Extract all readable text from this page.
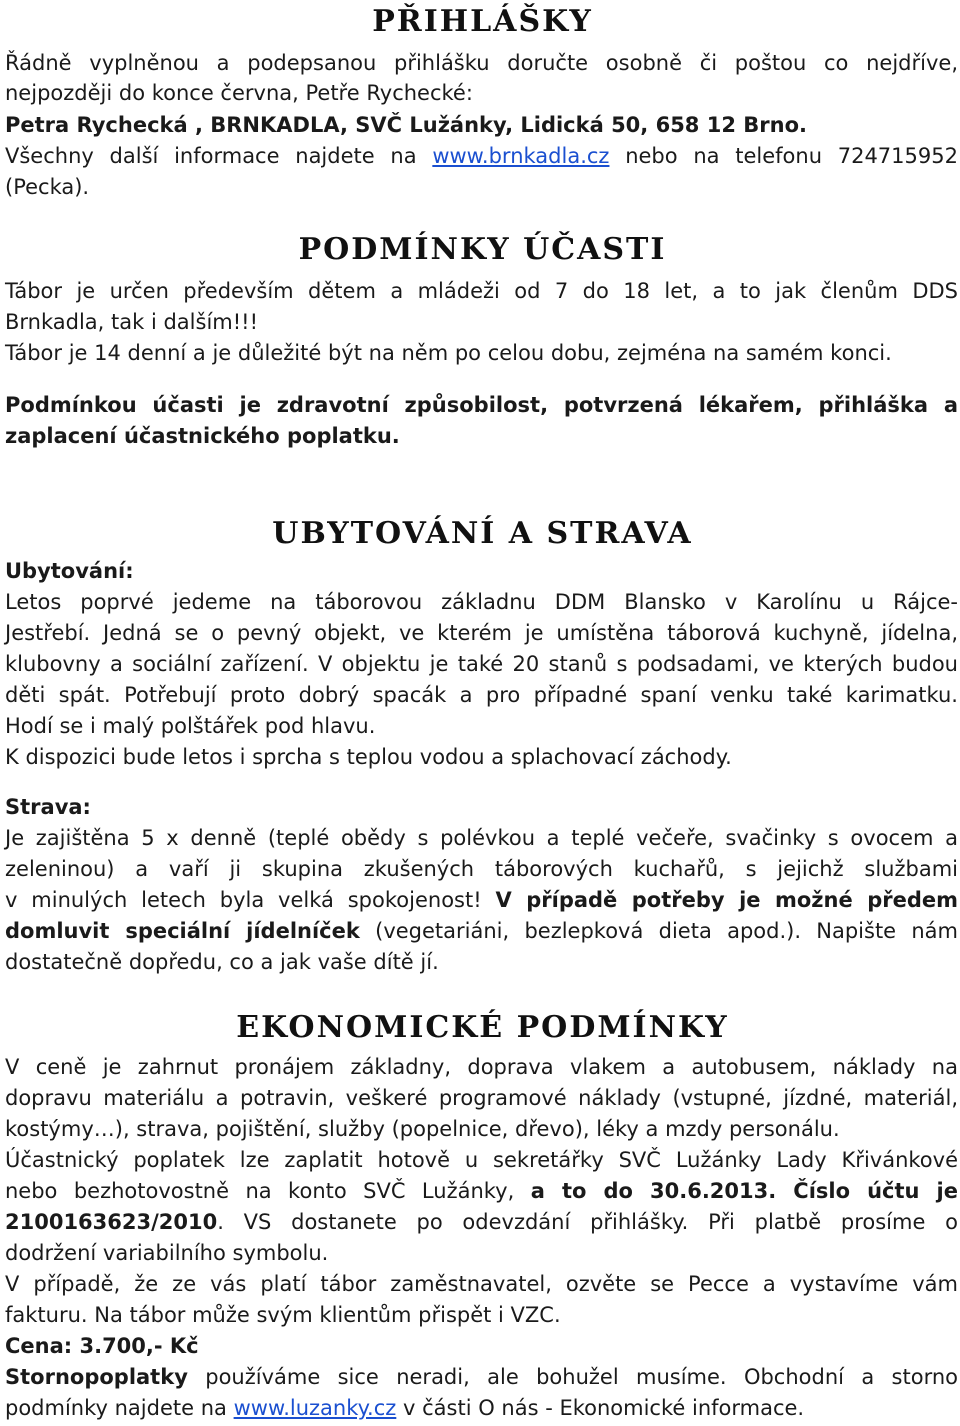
PŘIHLÁŠKY
Řádně vyplněnou a podepsanou přihlášku doručte osobně či poštou co nejdříve,
nejpozději do konce června, Petře Rychecké:
Petra Rychecká , BRNKADLA, SVČ Lužánky, Lidická 50, 658 12 Brno.
Všechny další informace najdete na www.brnkadla.cz nebo na telefonu 724715952
(Pecka).
PODMÍNKY ÚČASTI
Tábor je určen především dětem a mládeži od 7 do 18 let, a to jak členům DDS
Brnkadla, tak i dalším!!!
Tábor je 14 denní a je důležité být na něm po celou dobu, zejména na samém konci.
Podmínkou účasti je zdravotní způsobilost, potvrzená lékařem, přihláška a
zaplacení účastnického poplatku.
UBYTOVÁNÍ A STRAVA
Ubytování:
Letos poprvé jedeme na táborovou základnu DDM Blansko v Karolínu u Rájce-
Jestřebí. Jedná se o pevný objekt, ve kterém je umístěna táborová kuchyně, jídelna,
klubovny a sociální zařízení. V objektu je také 20 stanů s podsadami, ve kterých budou
děti spát. Potřebují proto dobrý spacák a pro případné spaní venku také karimatku.
Hodí se i malý polštářek pod hlavu.
K dispozici bude letos i sprcha s teplou vodou a splachovací záchody.
Strava:
Je zajištěna 5 x denně (teplé obědy s polévkou a teplé večeře, svačinky s ovocem a
zeleninou) a vaří ji skupina zkušených táborových kuchařů, s jejichž službami
v minulých letech byla velká spokojenost! V případě potřeby je možné předem
domluvit speciální jídelníček (vegetariáni, bezlepková dieta apod.). Napište nám
dostatečně dopředu, co a jak vaše dítě jí.
EKONOMICKÉ PODMÍNKY
V ceně je zahrnut pronájem základny, doprava vlakem a autobusem, náklady na
dopravu materiálu a potravin, veškeré programové náklady (vstupné, jízdné, materiál,
kostýmy…), strava, pojištění, služby (popelnice, dřevo), léky a mzdy personálu.
Účastnický poplatek lze zaplatit hotově u sekretářky SVČ Lužánky Lady Křivánkové
nebo bezhotovostně na konto SVČ Lužánky, a to do 30.6.2013. Číslo účtu je
2100163623/2010. VS dostanete po odevzdání přihlášky. Při platbě prosíme o
dodržení variabilního symbolu.
V případě, že ze vás platí tábor zaměstnavatel, ozvěte se Pecce a vystavíme vám
fakturu. Na tábor může svým klientům přispět i VZC.
Cena: 3.700,- Kč
Stornopoplatky používáme sice neradi, ale bohužel musíme. Obchodní a storno
podmínky najdete na www.luzanky.cz v části O nás - Ekonomické informace.
